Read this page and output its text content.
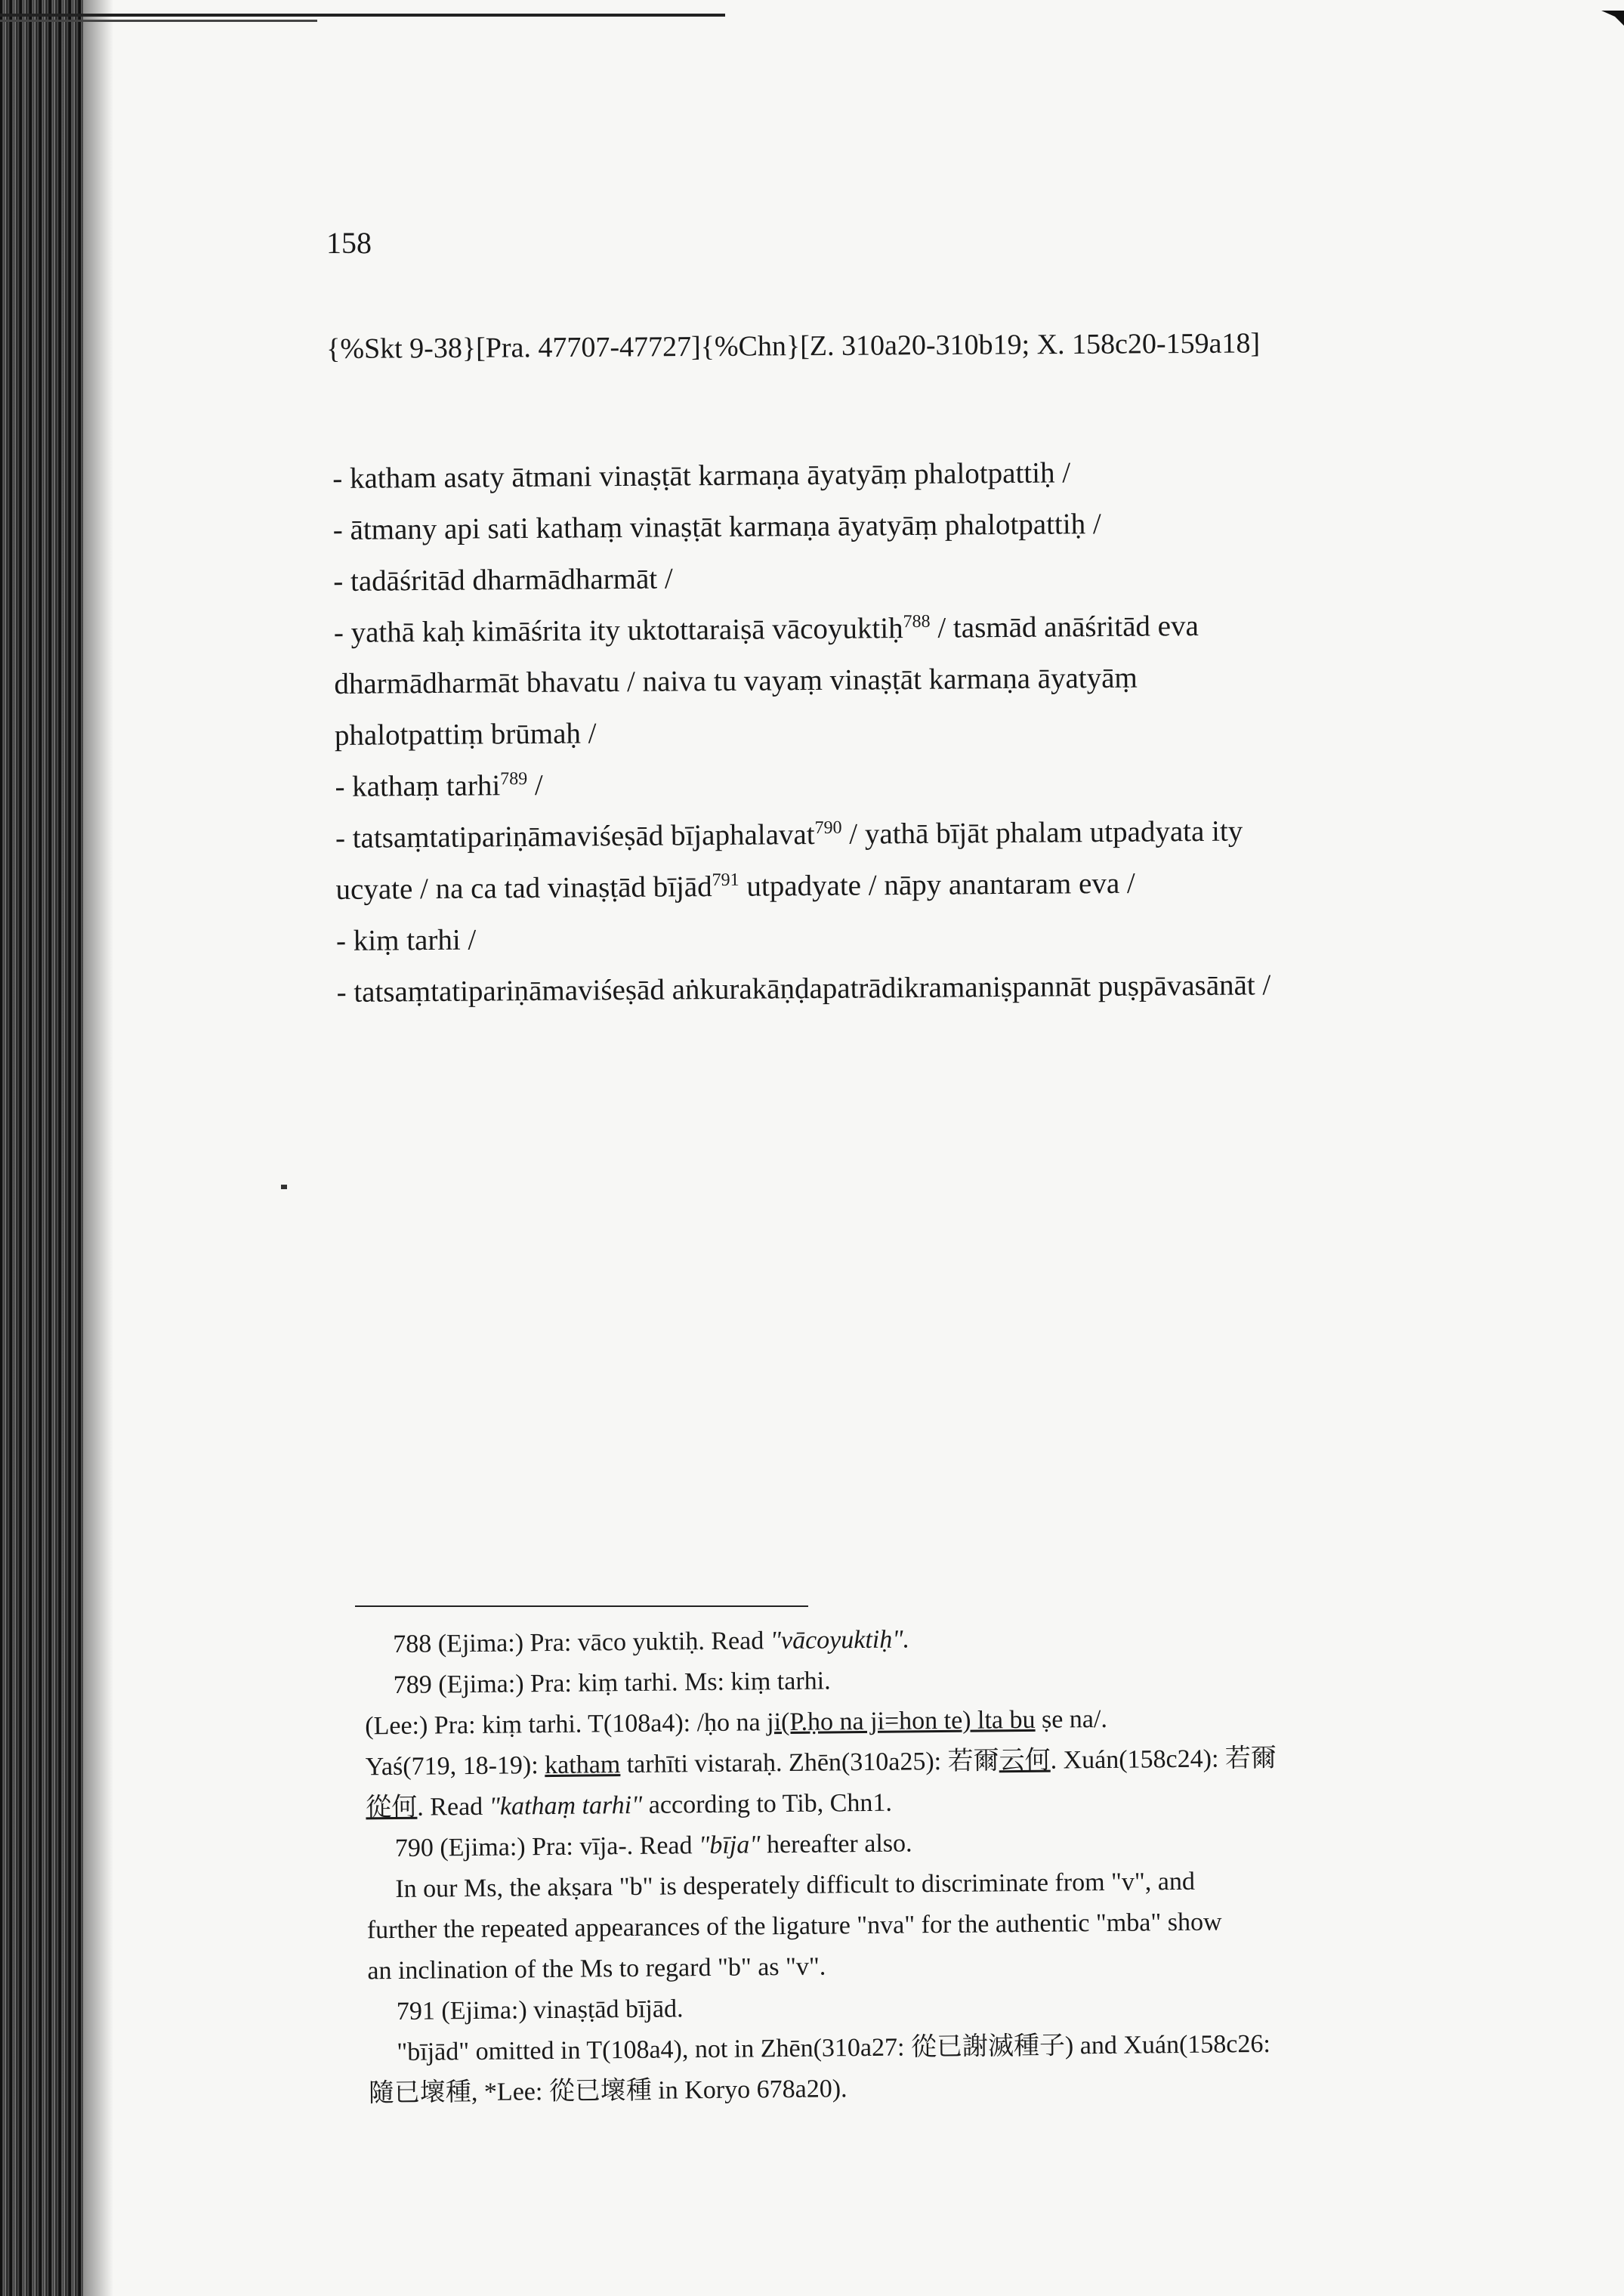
158
{%Skt 9-38}[Pra. 47707-47727]{%Chn}[Z. 310a20-310b19; X. 158c20-159a18]

- katham asaty ātmani vinaṣṭāt karmaṇa āyatyāṃ phalotpattiḥ /

- ātmany api sati kathaṃ vinaṣṭāt karmaṇa āyatyāṃ phalotpattiḥ /

- tadāśritād dharmādharmāt /

- yathā kaḥ kimāśrita ity uktottaraiṣā vācoyuktiḥ$^{788}$ / tasmād anāśritād eva

dharmādharmāt bhavatu / naiva tu vayaṃ vinaṣṭāt karmaṇa āyatyāṃ

phalotpattiṃ brūmaḥ /

- kathaṃ tarhi$^{789}$ /

- tatsaṃtatipariṇāmaviśeṣād bījaphalavat$^{790}$ / yathā bījāt phalam utpadyata ity

ucyate / na ca tad vinaṣṭād bījād$^{791}$ utpadyate / nāpy anantaram eva /

- kiṃ tarhi /

- tatsaṃtatipariṇāmaviśeṣād aṅkurakāṇḍapatrādikramaniṣpannāt puṣpāvasānāt /

788 (Ejima:) Pra: vāco yuktiḥ. Read "vācoyuktiḥ".

789 (Ejima:) Pra: kiṃ tarhi. Ms: kiṃ tarhi.

(Lee:) Pra: kiṃ tarhi. T(108a4): /ḥo na ji(P.ḥo na ji=hon te) lta bu ṣe na/.

Yaś(719, 18-19): katham tarhīti vistaraḥ. Zhēn(310a25): 若爾云何. Xuán(158c24): 若爾

從何. Read "kathaṃ tarhi" according to Tib, Chn1.

790 (Ejima:) Pra: vīja-. Read "bīja" hereafter also.

In our Ms, the akṣara "b" is desperately difficult to discriminate from "v", and

further the repeated appearances of the ligature "nva" for the authentic "mba" show

an inclination of the Ms to regard "b" as "v".

791 (Ejima:) vinaṣṭād bījād.

"bījād" omitted in T(108a4), not in Zhēn(310a27: 從已謝滅種子) and Xuán(158c26:

隨已壞種, *Lee: 從已壞種 in Koryo 678a20).
